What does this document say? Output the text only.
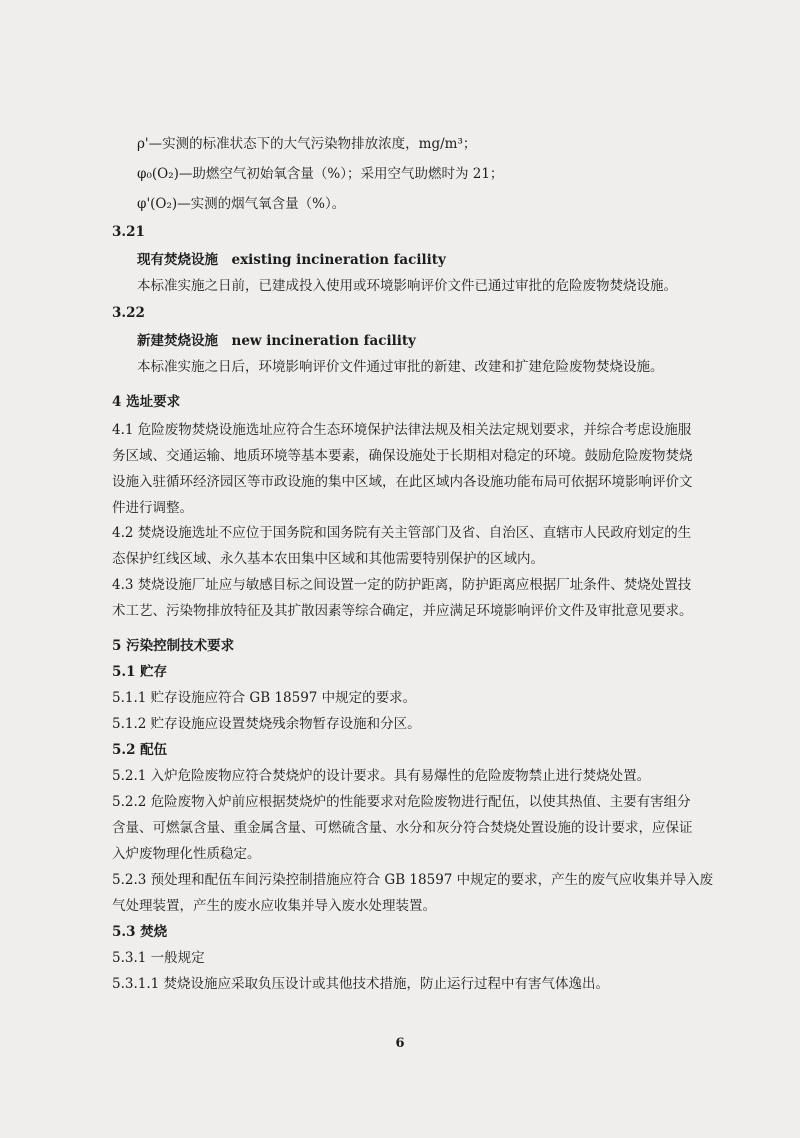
ρ'—实测的标准状态下的大气污染物排放浓度，mg/m³；
φ₀(O₂)—助燃空气初始氧含量（%）；采用空气助燃时为 21；
φ'(O₂)—实测的烟气氧含量（%）。
3.21
现有焚烧设施　existing incineration facility
本标准实施之日前，已建成投入使用或环境影响评价文件已通过审批的危险废物焚烧设施。
3.22
新建焚烧设施　new incineration facility
本标准实施之日后，环境影响评价文件通过审批的新建、改建和扩建危险废物焚烧设施。
4 选址要求
4.1 危险废物焚烧设施选址应符合生态环境保护法律法规及相关法定规划要求，并综合考虑设施服
务区域、交通运输、地质环境等基本要素，确保设施处于长期相对稳定的环境。鼓励危险废物焚烧
设施入驻循环经济园区等市政设施的集中区域，在此区域内各设施功能布局可依据环境影响评价文
件进行调整。
4.2 焚烧设施选址不应位于国务院和国务院有关主管部门及省、自治区、直辖市人民政府划定的生
态保护红线区域、永久基本农田集中区域和其他需要特别保护的区域内。
4.3 焚烧设施厂址应与敏感目标之间设置一定的防护距离，防护距离应根据厂址条件、焚烧处置技
术工艺、污染物排放特征及其扩散因素等综合确定，并应满足环境影响评价文件及审批意见要求。
5 污染控制技术要求
5.1 贮存
5.1.1 贮存设施应符合 GB 18597 中规定的要求。
5.1.2 贮存设施应设置焚烧残余物暂存设施和分区。
5.2 配伍
5.2.1 入炉危险废物应符合焚烧炉的设计要求。具有易爆性的危险废物禁止进行焚烧处置。
5.2.2 危险废物入炉前应根据焚烧炉的性能要求对危险废物进行配伍，以使其热值、主要有害组分
含量、可燃氯含量、重金属含量、可燃硫含量、水分和灰分符合焚烧处置设施的设计要求，应保证
入炉废物理化性质稳定。
5.2.3 预处理和配伍车间污染控制措施应符合 GB 18597 中规定的要求，产生的废气应收集并导入废
气处理装置，产生的废水应收集并导入废水处理装置。
5.3 焚烧
5.3.1 一般规定
5.3.1.1 焚烧设施应采取负压设计或其他技术措施，防止运行过程中有害气体逸出。
6
